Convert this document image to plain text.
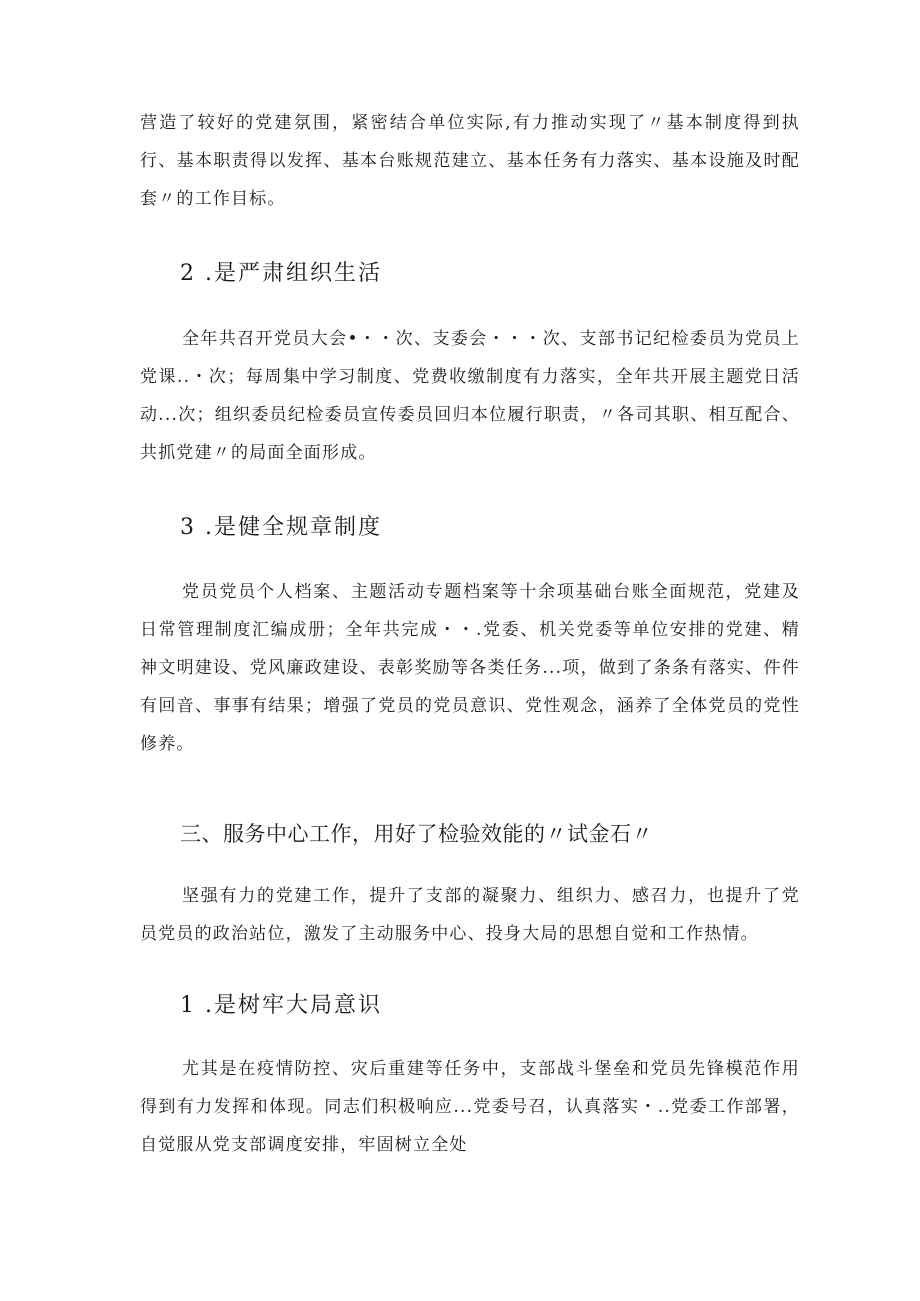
营造了较好的党建氛围，紧密结合单位实际,有力推动实现了〃基本制度得到执行、基本职责得以发挥、基本台账规范建立、基本任务有力落实、基本设施及时配套〃的工作目标。

2 .是严肃组织生活

全年共召开党员大会•・・次、支委会・・・次、支部书记纪检委员为党员上党课..・次；每周集中学习制度、党费收缴制度有力落实，全年共开展主题党日活动...次；组织委员纪检委员宣传委员回归本位履行职责，〃各司其职、相互配合、共抓党建〃的局面全面形成。

3 .是健全规章制度

党员党员个人档案、主题活动专题档案等十余项基础台账全面规范，党建及日常管理制度汇编成册；全年共完成・・.党委、机关党委等单位安排的党建、精神文明建设、党风廉政建设、表彰奖励等各类任务...项，做到了条条有落实、件件有回音、事事有结果；增强了党员的党员意识、党性观念，涵养了全体党员的党性修养。

三、服务中心工作，用好了检验效能的〃试金石〃

坚强有力的党建工作，提升了支部的凝聚力、组织力、感召力，也提升了党员党员的政治站位，激发了主动服务中心、投身大局的思想自觉和工作热情。

1 .是树牢大局意识

尤其是在疫情防控、灾后重建等任务中，支部战斗堡垒和党员先锋模范作用得到有力发挥和体现。同志们积极响应...党委号召，认真落实・..党委工作部署，自觉服从党支部调度安排，牢固树立全处
